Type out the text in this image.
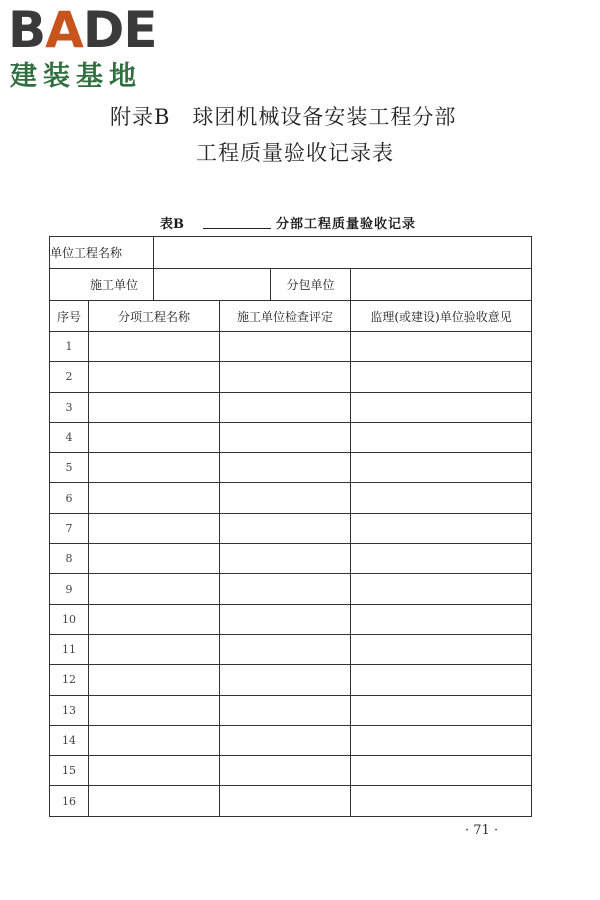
BADE
建装基地
附录B　球团机械设备安装工程分部
工程质量验收记录表
表B	分部工程质量验收记录
单位工程名称					
施工单位				分包单位	
序号	分项工程名称		施工单位检查评定		监理(或建设)单位验收意见
1					
2					
3					
4					
5					
6					
7					
8					
9					
10					
11					
12					
13					
14					
15					
16					
· 71 ·
